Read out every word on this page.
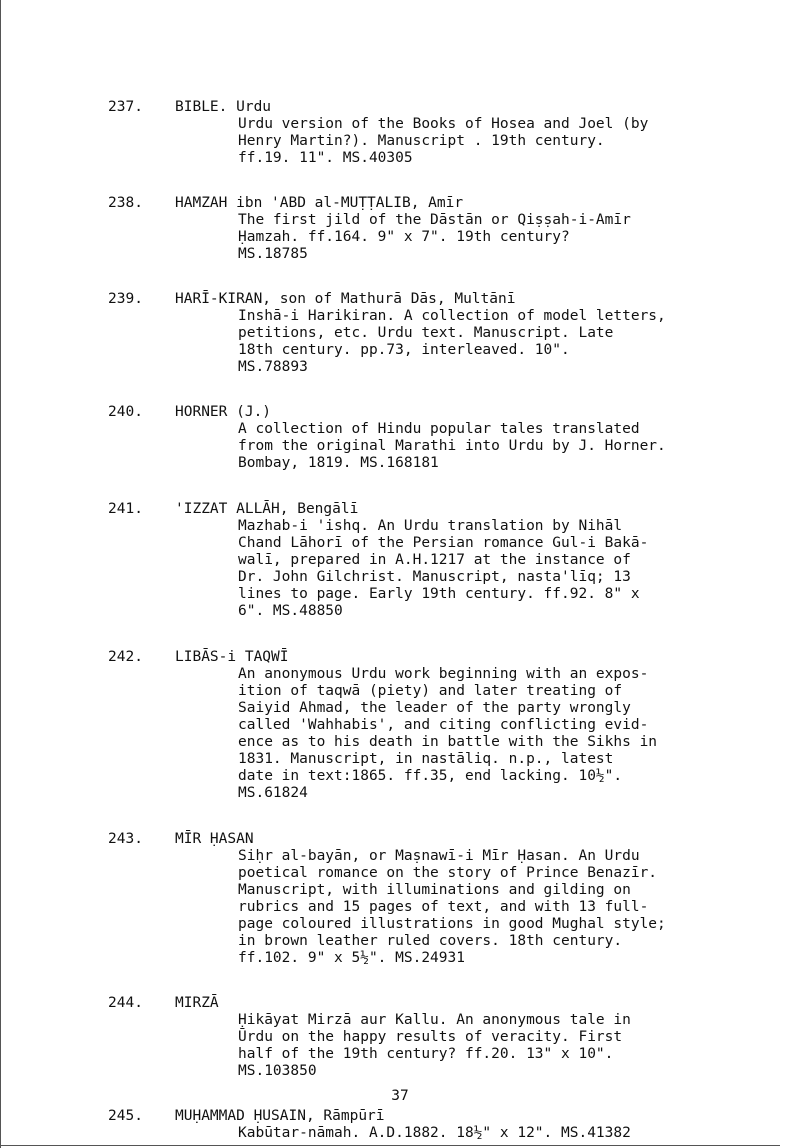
237. BIBLE. Urdu
Urdu version of the Books of Hosea and Joel (by
Henry Martin?). Manuscript . 19th century.
ff.19. 11". MS.40305
238. HAMZAH ibn 'ABD al-MUṬṬALIB, Amīr
The first jild of the Dāstān or Qiṣṣah-i-Amīr
Ḥamzah. ff.164. 9" x 7". 19th century?
MS.18785
239. HARĪ-KIRAN, son of Mathurā Dās, Multānī
Inshā-i Harikiran. A collection of model letters,
petitions, etc. Urdu text. Manuscript. Late
18th century. pp.73, interleaved. 10".
MS.78893
240. HORNER (J.)
A collection of Hindu popular tales translated
from the original Marathi into Urdu by J. Horner.
Bombay, 1819. MS.168181
241. 'IZZAT ALLĀH, Bengālī
Mazhab-i 'ishq. An Urdu translation by Nihāl
Chand Lāhorī of the Persian romance Gul-i Bakā-
walī, prepared in A.H.1217 at the instance of
Dr. John Gilchrist. Manuscript, nasta'līq; 13
lines to page. Early 19th century. ff.92. 8" x
6". MS.48850
242. LIBĀS-i TAQWĪ
An anonymous Urdu work beginning with an expos-
ition of taqwā (piety) and later treating of
Saiyid Ahmad, the leader of the party wrongly
called 'Wahhabis', and citing conflicting evid-
ence as to his death in battle with the Sikhs in
1831. Manuscript, in nastāliq. n.p., latest
date in text:1865. ff.35, end lacking. 10½".
MS.61824
243. MĪR ḤASAN
Siḥr al-bayān, or Maṣnawī-i Mīr Ḥasan. An Urdu
poetical romance on the story of Prince Benazīr.
Manuscript, with illuminations and gilding on
rubrics and 15 pages of text, and with 13 full-
page coloured illustrations in good Mughal style;
in brown leather ruled covers. 18th century.
ff.102. 9" x 5½". MS.24931
244. MIRZĀ
Ḥikāyat Mirzā aur Kallu. An anonymous tale in
Ūrdu on the happy results of veracity. First
half of the 19th century? ff.20. 13" x 10".
MS.103850
245. MUḤAMMAD ḤUSAIN, Rāmpūrī
Kabūtar-nāmah. A.D.1882. 18½" x 12". MS.41382
37
